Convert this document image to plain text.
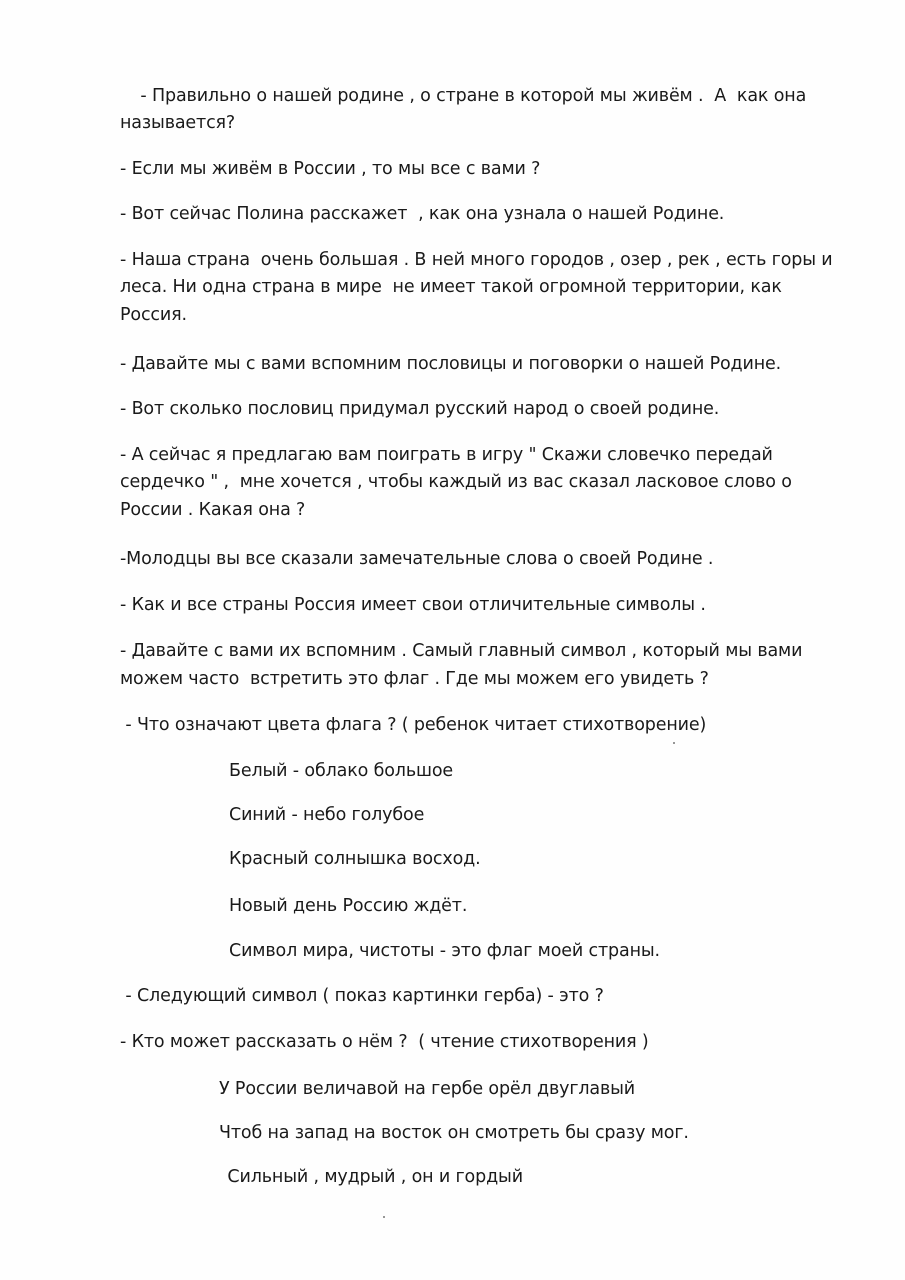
- Правильно о нашей родине , о стране в которой мы живём .  А  как она
называется?
- Если мы живём в России , то мы все с вами ?
- Вот сейчас Полина расскажет  , как она узнала о нашей Родине.
- Наша страна  очень большая . В ней много городов , озер , рек , есть горы и
леса. Ни одна страна в мире  не имеет такой огромной территории, как
Россия.
- Давайте мы с вами вспомним пословицы и поговорки о нашей Родине.
- Вот сколько пословиц придумал русский народ о своей родине.
- А сейчас я предлагаю вам поиграть в игру " Скажи словечко передай
сердечко " ,  мне хочется , чтобы каждый из вас сказал ласковое слово о
России . Какая она ?
-Молодцы вы все сказали замечательные слова о своей Родине .
- Как и все страны Россия имеет свои отличительные символы .
- Давайте с вами их вспомним . Самый главный символ , который мы вами
можем часто  встретить это флаг . Где мы можем его увидеть ?
- Что означают цвета флага ? ( ребенок читает стихотворение)
Белый - облако большое
Синий - небо голубое
Красный солнышка восход.
Новый день Россию ждёт.
Символ мира, чистоты - это флаг моей страны.
- Следующий символ ( показ картинки герба) - это ?
- Кто может рассказать о нём ?  ( чтение стихотворения )
У России величавой на гербе орёл двуглавый
Чтоб на запад на восток он смотреть бы сразу мог.
Сильный , мудрый , он и гордый
